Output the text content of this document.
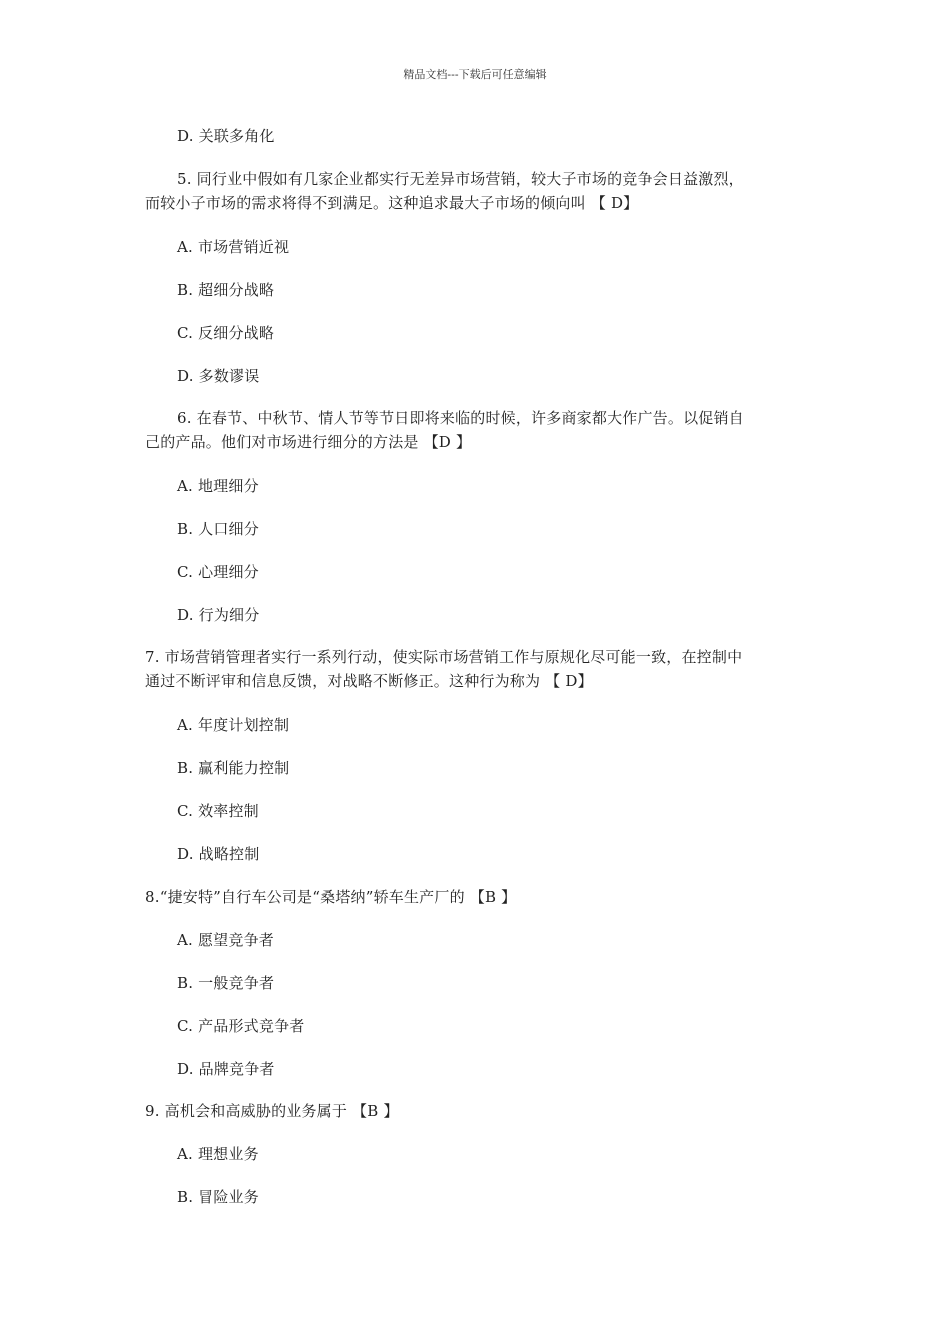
精品文档---下载后可任意编辑
D. 关联多角化
5. 同行业中假如有几家企业都实行无差异市场营销，较大子市场的竞争会日益激烈，
而较小子市场的需求将得不到满足。这种追求最大子市场的倾向叫 【 D】
A. 市场营销近视
B. 超细分战略
C. 反细分战略
D. 多数谬误
6. 在春节、中秋节、情人节等节日即将来临的时候，许多商家都大作广告。以促销自
己的产品。他们对市场进行细分的方法是 【D 】
A. 地理细分
B. 人口细分
C. 心理细分
D. 行为细分
7. 市场营销管理者实行一系列行动，使实际市场营销工作与原规化尽可能一致，在控制中
通过不断评审和信息反馈，对战略不断修正。这种行为称为 【 D】
A. 年度计划控制
B. 赢利能力控制
C. 效率控制
D. 战略控制
8.“捷安特”自行车公司是“桑塔纳”轿车生产厂的 【B 】
A. 愿望竞争者
B. 一般竞争者
C. 产品形式竞争者
D. 品牌竞争者
9. 高机会和高威胁的业务属于 【B 】
A. 理想业务
B. 冒险业务
